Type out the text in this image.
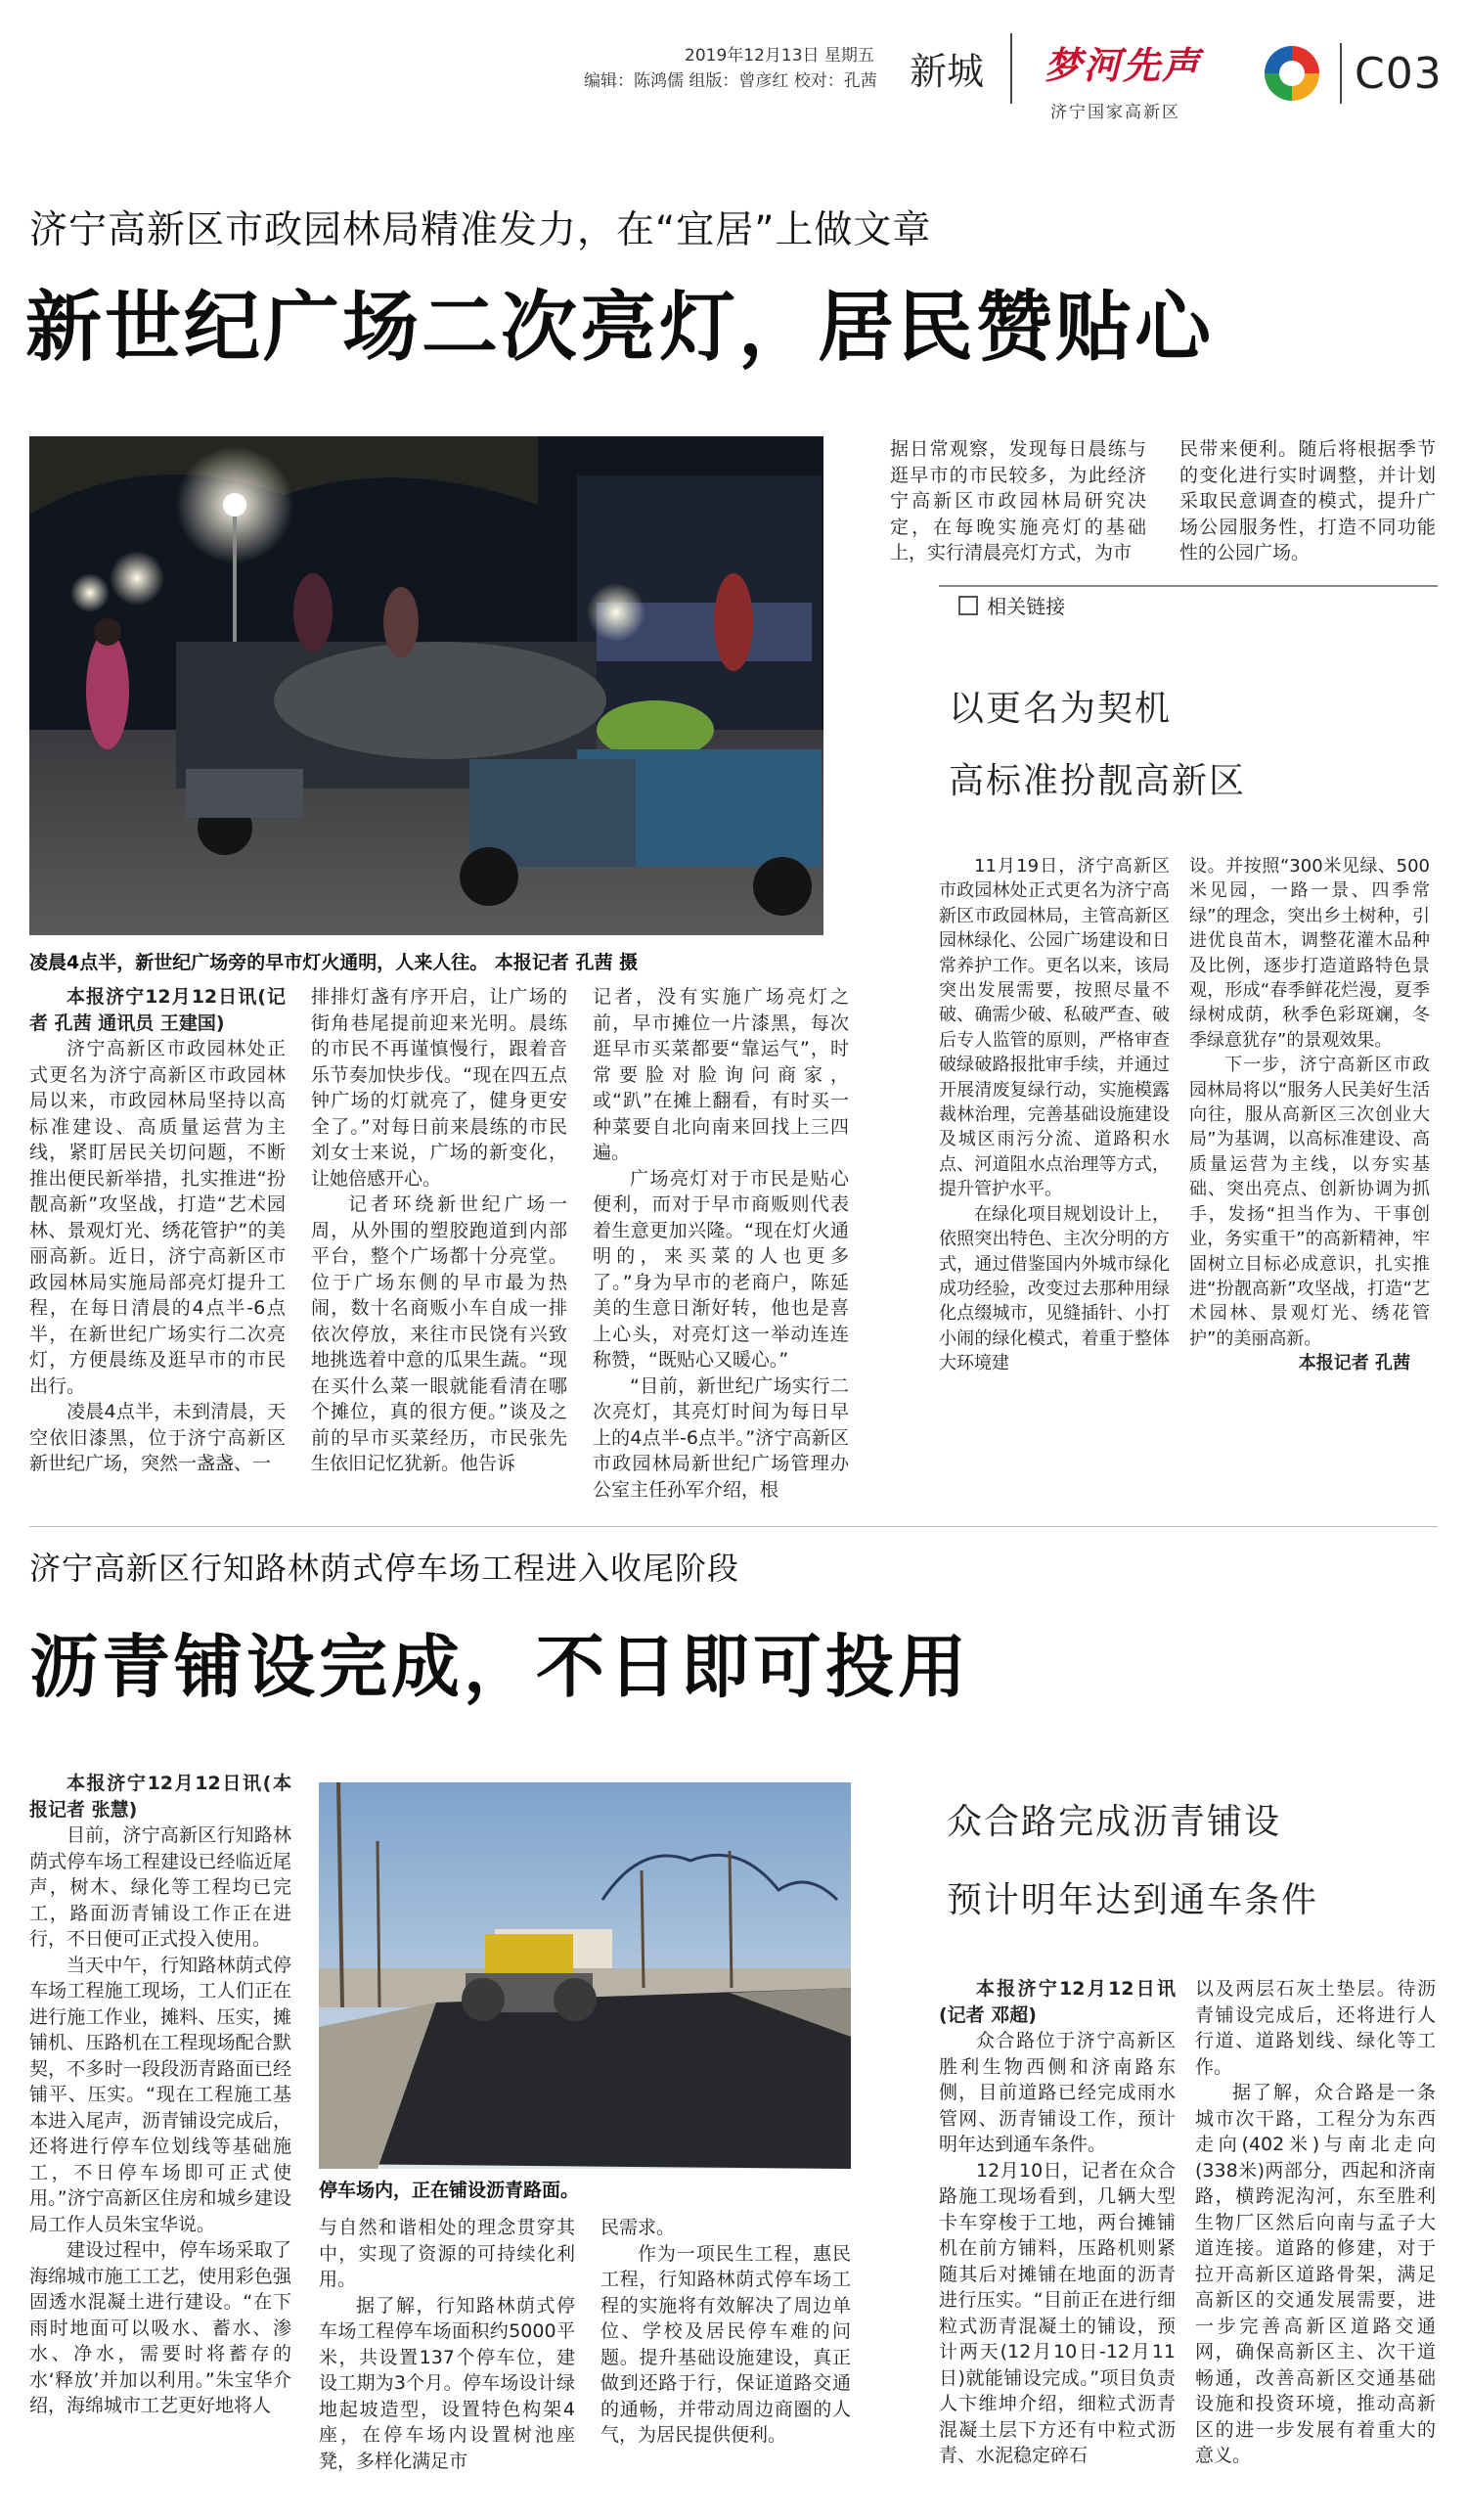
2019年12月13日 星期五
编辑：陈鸿儒 组版：曾彦红 校对：孔茜 新城 梦河先声
济宁国家高新区
C03
济宁高新区市政园林局精准发力，在“宜居”上做文章
新世纪广场二次亮灯，居民赞贴心
凌晨4点半，新世纪广场旁的早市灯火通明，人来人往。 本报记者 孔茜 摄

本报济宁12月12日讯(记者 孔茜 通讯员 王建国)

济宁高新区市政园林处正式更名为济宁高新区市政园林局以来，市政园林局坚持以高标准建设、高质量运营为主线，紧盯居民关切问题，不断推出便民新举措，扎实推进“扮靓高新”攻坚战，打造“艺术园林、景观灯光、绣花管护”的美丽高新。近日，济宁高新区市政园林局实施局部亮灯提升工程，在每日清晨的4点半-6点半，在新世纪广场实行二次亮灯，方便晨练及逛早市的市民出行。

凌晨4点半，未到清晨，天空依旧漆黑，位于济宁高新区新世纪广场，突然一盏盏、一

排排灯盏有序开启，让广场的街角巷尾提前迎来光明。晨练的市民不再谨慎慢行，跟着音乐节奏加快步伐。“现在四五点钟广场的灯就亮了，健身更安全了。”对每日前来晨练的市民刘女士来说，广场的新变化，让她倍感开心。

记者环绕新世纪广场一周，从外围的塑胶跑道到内部平台，整个广场都十分亮堂。位于广场东侧的早市最为热闹，数十名商贩小车自成一排依次停放，来往市民饶有兴致地挑选着中意的瓜果生蔬。“现在买什么菜一眼就能看清在哪个摊位，真的很方便。”谈及之前的早市买菜经历，市民张先生依旧记忆犹新。他告诉

记者，没有实施广场亮灯之前，早市摊位一片漆黑，每次逛早市买菜都要“靠运气”，时常要脸对脸询问商家，或“趴”在摊上翻看，有时买一种菜要自北向南来回找上三四遍。

广场亮灯对于市民是贴心便利，而对于早市商贩则代表着生意更加兴隆。“现在灯火通明的，来买菜的人也更多了。”身为早市的老商户，陈延美的生意日渐好转，他也是喜上心头，对亮灯这一举动连连称赞，“既贴心又暖心。”

“目前，新世纪广场实行二次亮灯，其亮灯时间为每日早上的4点半-6点半。”济宁高新区市政园林局新世纪广场管理办公室主任孙军介绍，根

据日常观察，发现每日晨练与逛早市的市民较多，为此经济宁高新区市政园林局研究决定，在每晚实施亮灯的基础上，实行清晨亮灯方式，为市

民带来便利。随后将根据季节的变化进行实时调整，并计划采取民意调查的模式，提升广场公园服务性，打造不同功能性的公园广场。

相关链接
以更名为契机
高标准扮靓高新区

11月19日，济宁高新区市政园林处正式更名为济宁高新区市政园林局，主管高新区园林绿化、公园广场建设和日常养护工作。更名以来，该局突出发展需要，按照尽量不破、确需少破、私破严查、破后专人监管的原则，严格审查破绿破路报批审手续，并通过开展清废复绿行动，实施模露裁林治理，完善基础设施建设及城区雨污分流、道路积水点、河道阻水点治理等方式，提升管护水平。

在绿化项目规划设计上，依照突出特色、主次分明的方式，通过借鉴国内外城市绿化成功经验，改变过去那种用绿化点缀城市，见缝插针、小打小闹的绿化模式，着重于整体大环境建

设。并按照“300米见绿、500米见园，一路一景、四季常绿”的理念，突出乡土树种，引进优良苗木，调整花灌木品种及比例，逐步打造道路特色景观，形成“春季鲜花烂漫，夏季绿树成荫，秋季色彩斑斓，冬季绿意犹存”的景观效果。

下一步，济宁高新区市政园林局将以“服务人民美好生活向往，服从高新区三次创业大局”为基调，以高标准建设、高质量运营为主线，以夯实基础、突出亮点、创新协调为抓手，发扬“担当作为、干事创业，务实重干”的高新精神，牢固树立目标必成意识，扎实推进“扮靓高新”攻坚战，打造“艺术园林、景观灯光、绣花管护”的美丽高新。

本报记者 孔茜

济宁高新区行知路林荫式停车场工程进入收尾阶段
沥青铺设完成，不日即可投用

本报济宁12月12日讯(本报记者 张慧)

目前，济宁高新区行知路林荫式停车场工程建设已经临近尾声，树木、绿化等工程均已完工，路面沥青铺设工作正在进行，不日便可正式投入使用。

当天中午，行知路林荫式停车场工程施工现场，工人们正在进行施工作业，摊料、压实，摊铺机、压路机在工程现场配合默契，不多时一段段沥青路面已经铺平、压实。“现在工程施工基本进入尾声，沥青铺设完成后，还将进行停车位划线等基础施工，不日停车场即可正式使用。”济宁高新区住房和城乡建设局工作人员朱宝华说。

建设过程中，停车场采取了海绵城市施工工艺，使用彩色强固透水混凝土进行建设。“在下雨时地面可以吸水、蓄水、渗水、净水，需要时将蓄存的水‘释放’并加以利用。”朱宝华介绍，海绵城市工艺更好地将人

停车场内，正在铺设沥青路面。

与自然和谐相处的理念贯穿其中，实现了资源的可持续化利用。

据了解，行知路林荫式停车场工程停车场面积约5000平米，共设置137个停车位，建设工期为3个月。停车场设计绿地起坡造型，设置特色构架4座，在停车场内设置树池座凳，多样化满足市

民需求。

作为一项民生工程，惠民工程，行知路林荫式停车场工程的实施将有效解决了周边单位、学校及居民停车难的问题。提升基础设施建设，真正做到还路于行，保证道路交通的通畅，并带动周边商圈的人气，为居民提供便利。

众合路完成沥青铺设
预计明年达到通车条件

本报济宁12月12日讯(记者 邓超)

众合路位于济宁高新区胜利生物西侧和济南路东侧，目前道路已经完成雨水管网、沥青铺设工作，预计明年达到通车条件。

12月10日，记者在众合路施工现场看到，几辆大型卡车穿梭于工地，两台摊铺机在前方铺料，压路机则紧随其后对摊铺在地面的沥青进行压实。“目前正在进行细粒式沥青混凝土的铺设，预计两天(12月10日-12月11日)就能铺设完成。”项目负责人卞维坤介绍，细粒式沥青混凝土层下方还有中粒式沥青、水泥稳定碎石

以及两层石灰土垫层。待沥青铺设完成后，还将进行人行道、道路划线、绿化等工作。

据了解，众合路是一条城市次干路，工程分为东西走向(402米)与南北走向(338米)两部分，西起和济南路，横跨泥沟河，东至胜利生物厂区然后向南与孟子大道连接。道路的修建，对于拉开高新区道路骨架，满足高新区的交通发展需要，进一步完善高新区道路交通网，确保高新区主、次干道畅通，改善高新区交通基础设施和投资环境，推动高新区的进一步发展有着重大的意义。
